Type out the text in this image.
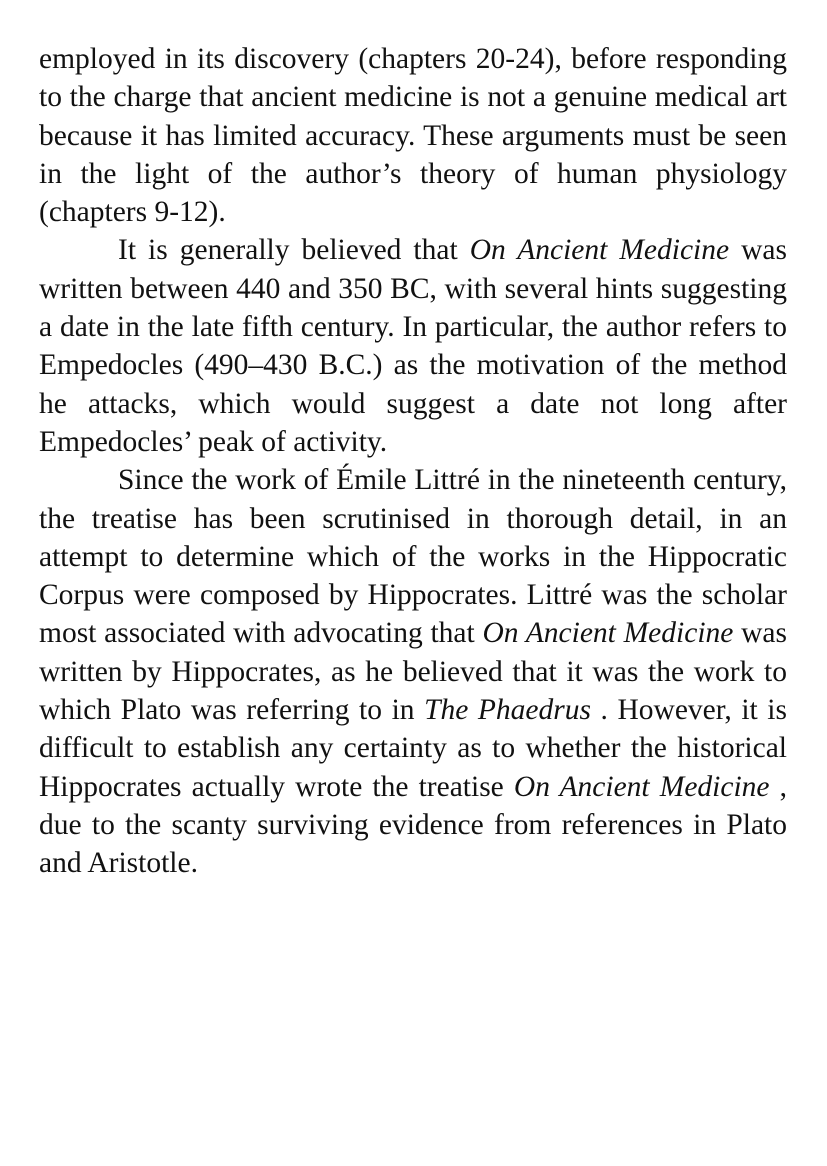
employed in its discovery (chapters 20-24), before responding to the charge that ancient medicine is not a genuine medical art because it has limited accuracy. These arguments must be seen in the light of the author’s theory of human physiology (chapters 9-12).

It is generally believed that On Ancient Medicine was written between 440 and 350 BC, with several hints suggesting a date in the late fifth century. In particular, the author refers to Empedocles (490–430 B.C.) as the motivation of the method he attacks, which would suggest a date not long after Empedocles’ peak of activity.

Since the work of Émile Littré in the nineteenth century, the treatise has been scrutinised in thorough detail, in an attempt to determine which of the works in the Hippocratic Corpus were composed by Hippocrates. Littré was the scholar most associated with advocating that On Ancient Medicine was written by Hippocrates, as he believed that it was the work to which Plato was referring to in The Phaedrus . However, it is difficult to establish any certainty as to whether the historical Hippocrates actually wrote the treatise On Ancient Medicine , due to the scanty surviving evidence from references in Plato and Aristotle.
